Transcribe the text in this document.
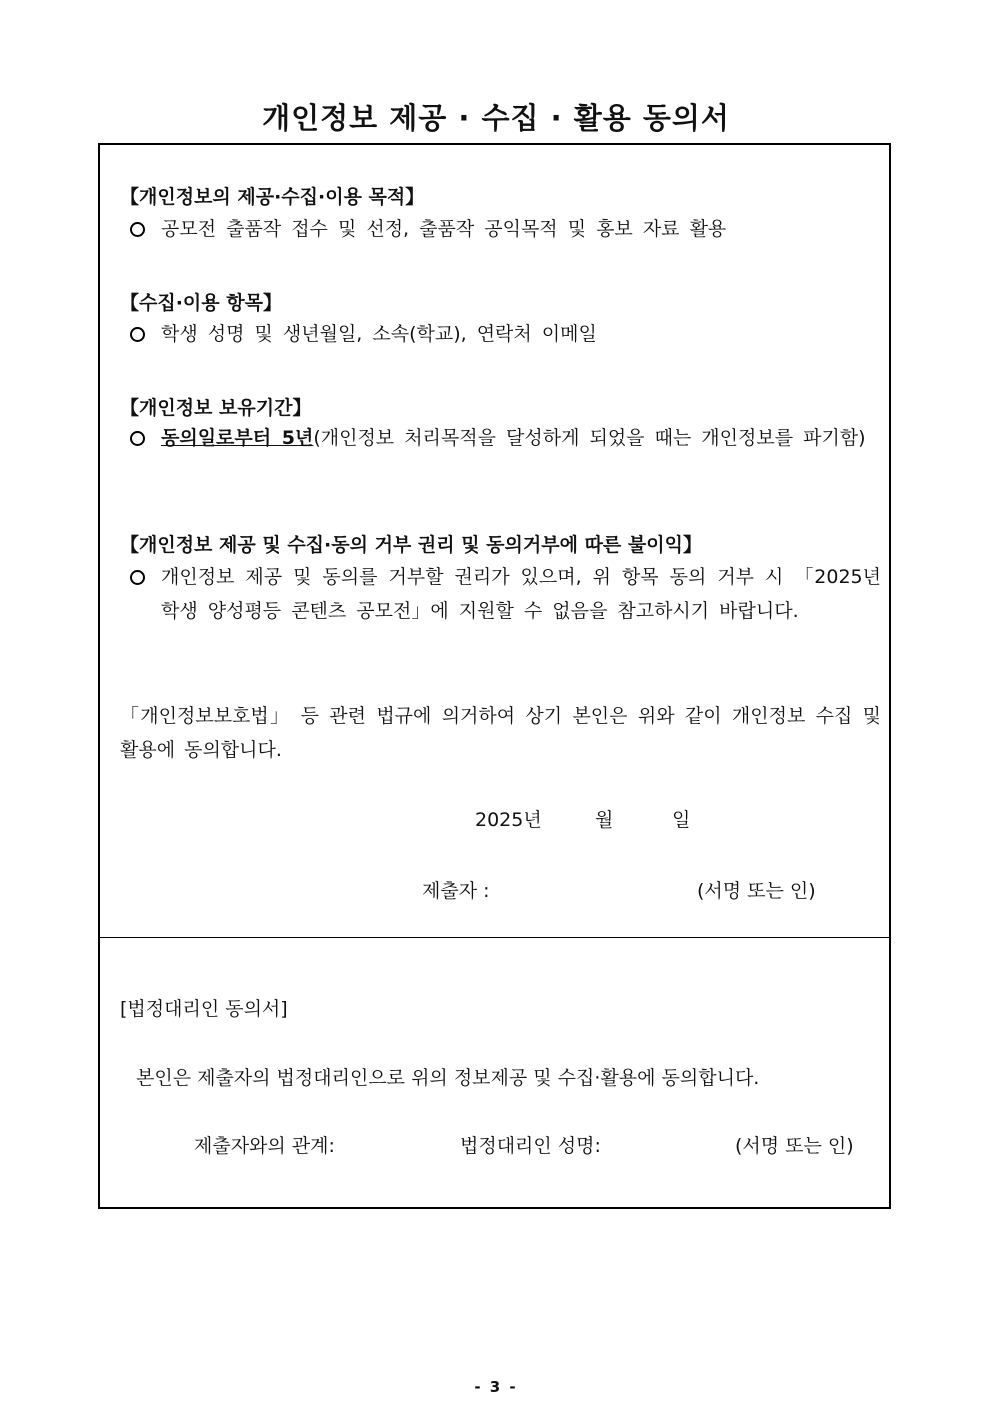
개인정보 제공 · 수집 · 활용 동의서
【개인정보의 제공·수집·이용 목적】
공모전 출품작 접수 및 선정, 출품작 공익목적 및 홍보 자료 활용
【수집·이용 항목】
학생 성명 및 생년월일, 소속(학교), 연락처 이메일
【개인정보 보유기간】
동의일로부터 5년(개인정보 처리목적을 달성하게 되었을 때는 개인정보를 파기함)
【개인정보 제공 및 수집·동의 거부 권리 및 동의거부에 따른 불이익】
개인정보 제공 및 동의를 거부할 권리가 있으며, 위 항목 동의 거부 시 「2025년 학생 양성평등 콘텐츠 공모전」에 지원할 수 없음을 참고하시기 바랍니다.
「개인정보보호법」 등 관련 법규에 의거하여 상기 본인은 위와 같이 개인정보 수집 및 활용에 동의합니다.
2025년	월	일
제출자 :	(서명 또는 인)
[법정대리인 동의서]
본인은 제출자의 법정대리인으로 위의 정보제공 및 수집·활용에 동의합니다.
제출자와의 관계:	법정대리인 성명:	(서명 또는 인)
- 3 -
